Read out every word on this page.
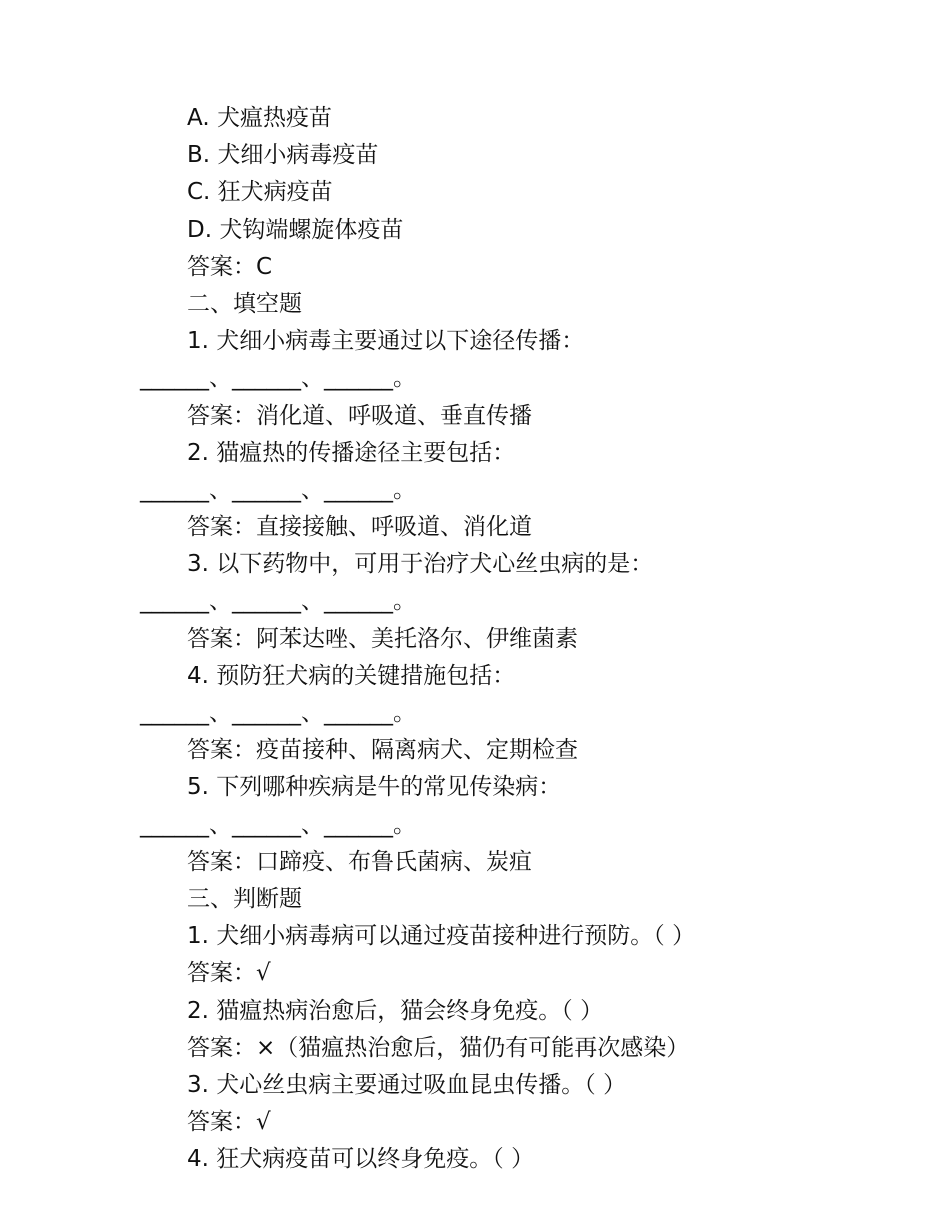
A. 犬瘟热疫苗
B. 犬细小病毒疫苗
C. 狂犬病疫苗
D. 犬钩端螺旋体疫苗
答案：C
二、填空题
1. 犬细小病毒主要通过以下途径传播：
______、______、______。
答案：消化道、呼吸道、垂直传播
2. 猫瘟热的传播途径主要包括：
______、______、______。
答案：直接接触、呼吸道、消化道
3. 以下药物中，可用于治疗犬心丝虫病的是：
______、______、______。
答案：阿苯达唑、美托洛尔、伊维菌素
4. 预防狂犬病的关键措施包括：
______、______、______。
答案：疫苗接种、隔离病犬、定期检查
5. 下列哪种疾病是牛的常见传染病：
______、______、______。
答案：口蹄疫、布鲁氏菌病、炭疽
三、判断题
1. 犬细小病毒病可以通过疫苗接种进行预防。（ ）
答案：√
2. 猫瘟热病治愈后，猫会终身免疫。（ ）
答案：×（猫瘟热治愈后，猫仍有可能再次感染）
3. 犬心丝虫病主要通过吸血昆虫传播。（ ）
答案：√
4. 狂犬病疫苗可以终身免疫。（ ）
